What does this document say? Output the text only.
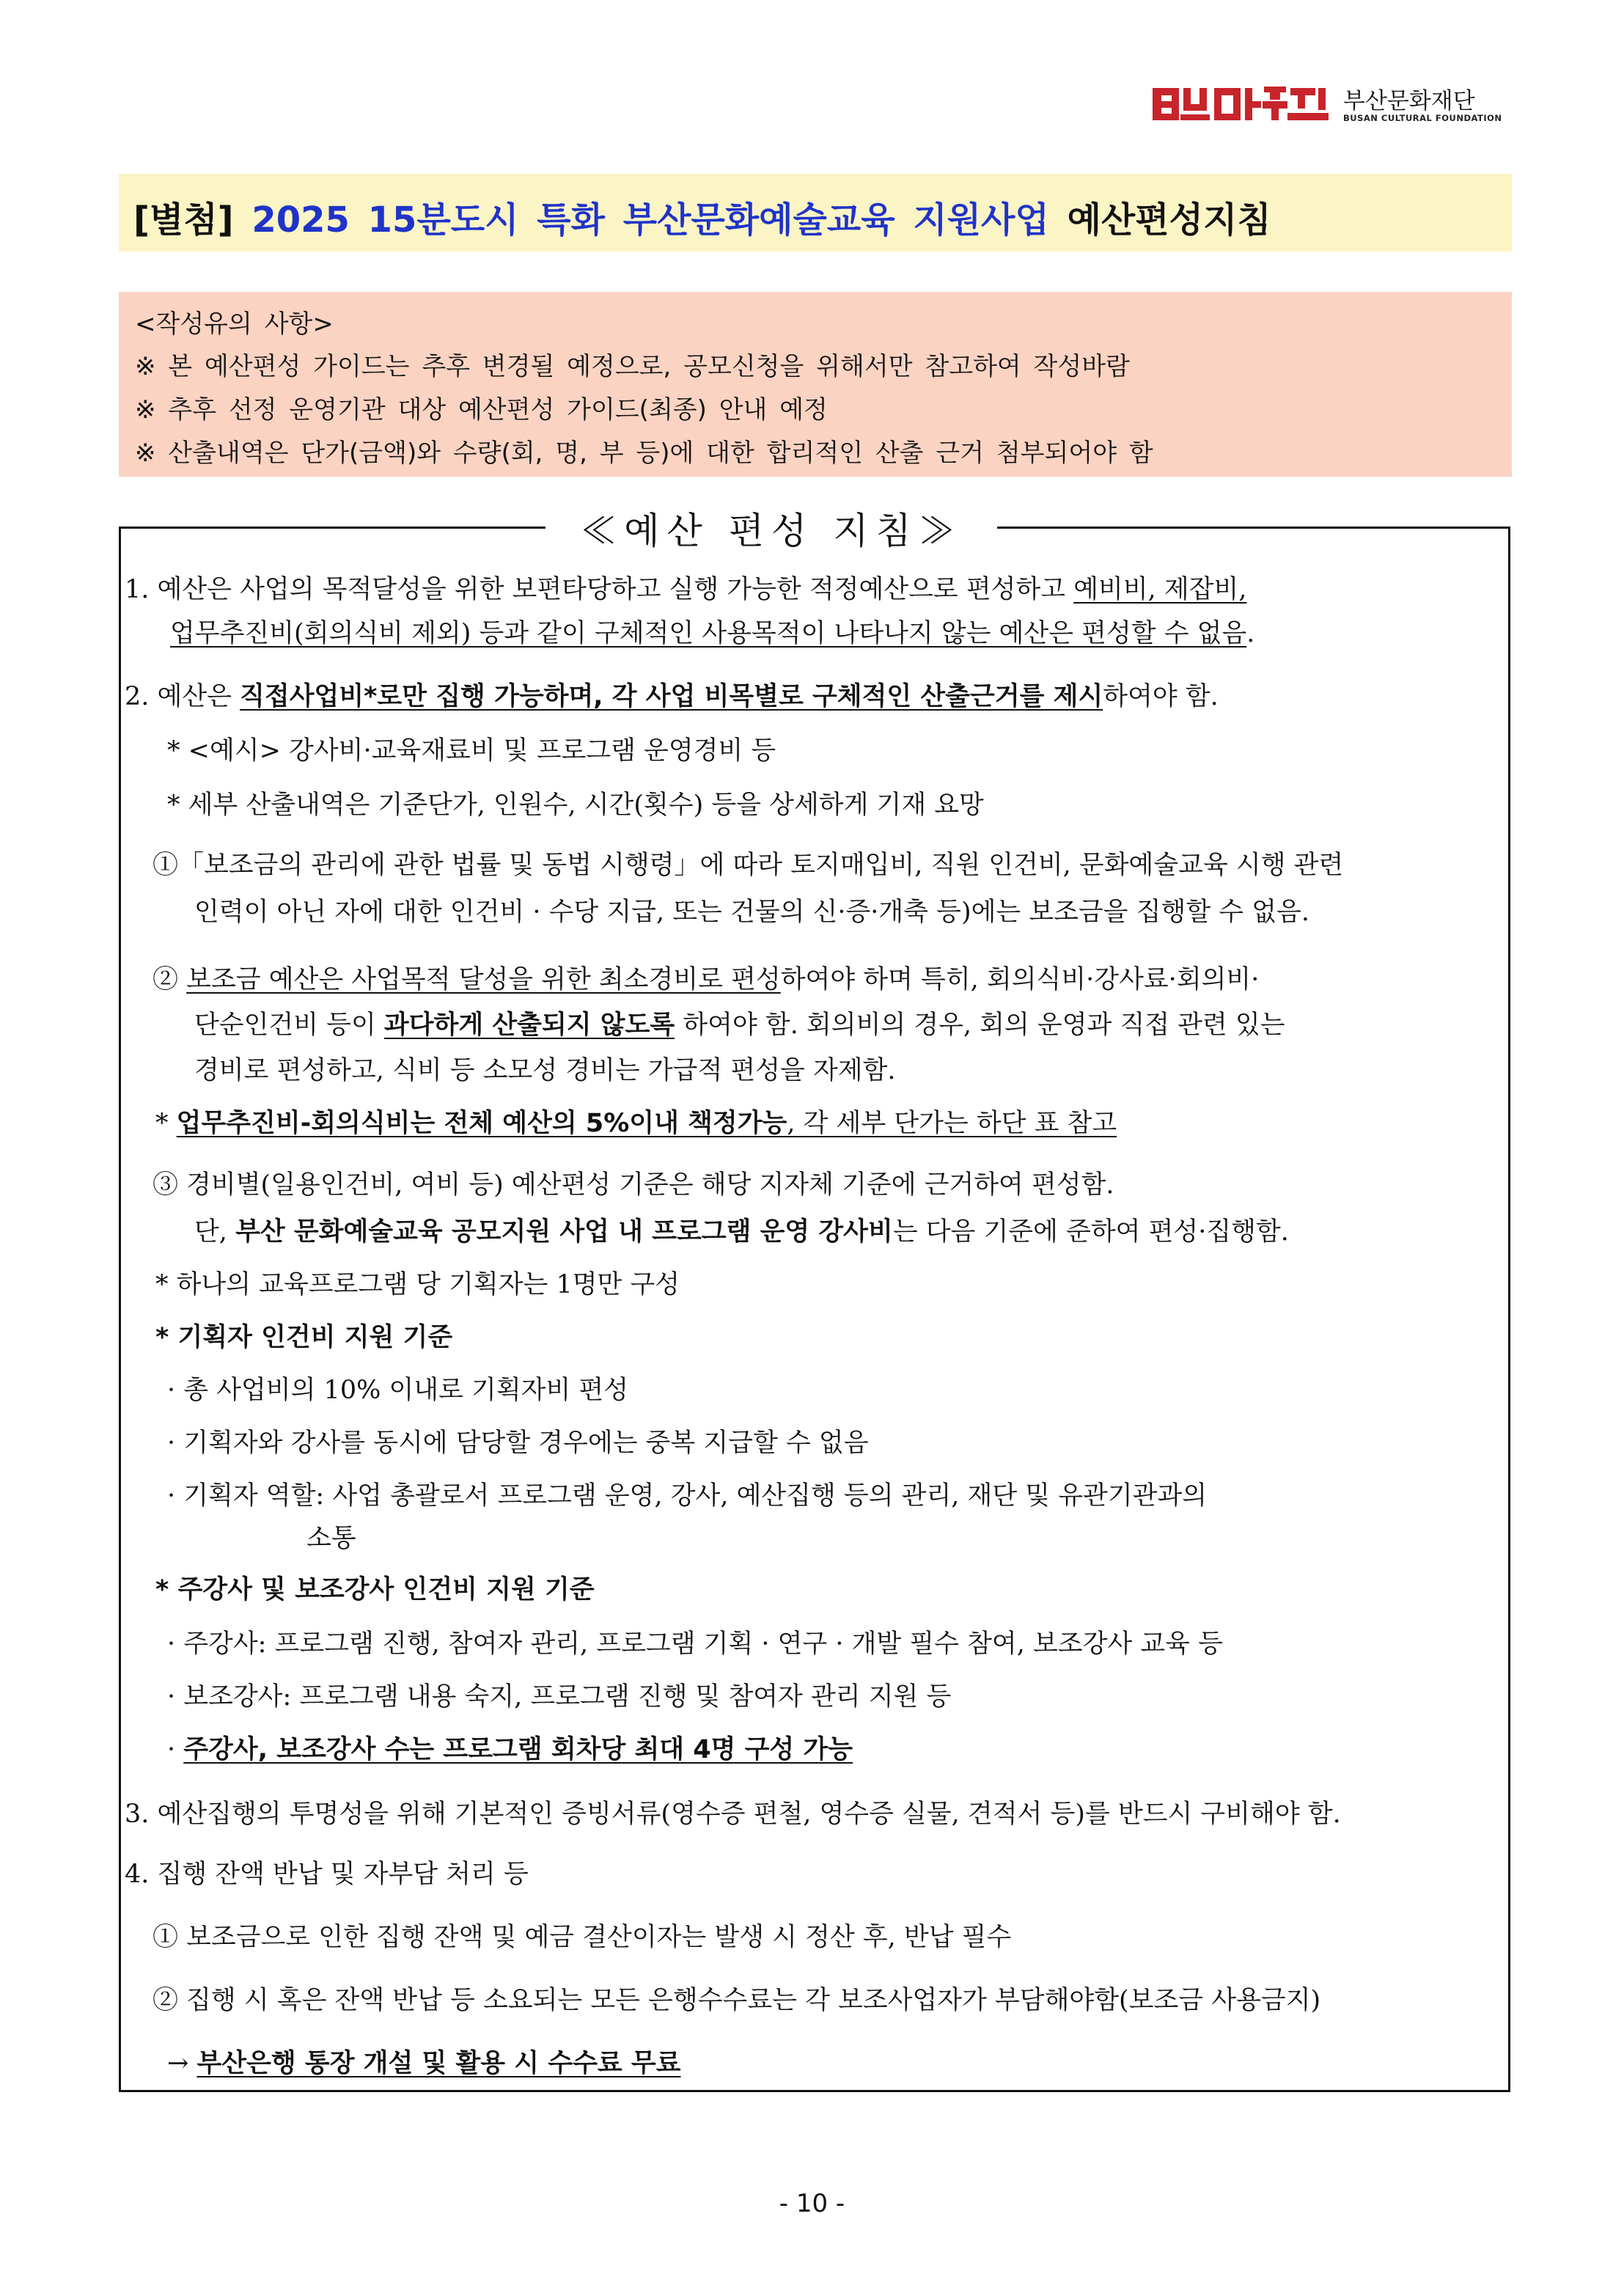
부산문화재단
BUSAN CULTURAL FOUNDATION
[별첨] 2025 15분도시 특화 부산문화예술교육 지원사업 예산편성지침
<작성유의 사항>
※ 본 예산편성 가이드는 추후 변경될 예정으로, 공모신청을 위해서만 참고하여 작성바람
※ 추후 선정 운영기관 대상 예산편성 가이드(최종) 안내 예정
※ 산출내역은 단가(금액)와 수량(회, 명, 부 등)에 대한 합리적인 산출 근거 첨부되어야 함
≪예산 편성 지침≫
1. 예산은 사업의 목적달성을 위한 보편타당하고 실행 가능한 적정예산으로 편성하고 예비비, 제잡비,
업무추진비(회의식비 제외) 등과 같이 구체적인 사용목적이 나타나지 않는 예산은 편성할 수 없음.
2. 예산은 직접사업비*로만 집행 가능하며, 각 사업 비목별로 구체적인 산출근거를 제시하여야 함.
* <예시> 강사비·교육재료비 및 프로그램 운영경비 등
* 세부 산출내역은 기준단가, 인원수, 시간(횟수) 등을 상세하게 기재 요망
①「보조금의 관리에 관한 법률 및 동법 시행령」에 따라 토지매입비, 직원 인건비, 문화예술교육 시행 관련
인력이 아닌 자에 대한 인건비 · 수당 지급, 또는 건물의 신·증·개축 등)에는 보조금을 집행할 수 없음.
② 보조금 예산은 사업목적 달성을 위한 최소경비로 편성하여야 하며 특히, 회의식비·강사료·회의비·
단순인건비 등이 과다하게 산출되지 않도록 하여야 함. 회의비의 경우, 회의 운영과 직접 관련 있는
경비로 편성하고, 식비 등 소모성 경비는 가급적 편성을 자제함.
* 업무추진비-회의식비는 전체 예산의 5%이내 책정가능, 각 세부 단가는 하단 표 참고
③ 경비별(일용인건비, 여비 등) 예산편성 기준은 해당 지자체 기준에 근거하여 편성함.
단, 부산 문화예술교육 공모지원 사업 내 프로그램 운영 강사비는 다음 기준에 준하여 편성·집행함.
* 하나의 교육프로그램 당 기획자는 1명만 구성
* 기획자 인건비 지원 기준
· 총 사업비의 10% 이내로 기획자비 편성
· 기획자와 강사를 동시에 담당할 경우에는 중복 지급할 수 없음
· 기획자 역할: 사업 총괄로서 프로그램 운영, 강사, 예산집행 등의 관리, 재단 및 유관기관과의
소통
* 주강사 및 보조강사 인건비 지원 기준
· 주강사: 프로그램 진행, 참여자 관리, 프로그램 기획 · 연구 · 개발 필수 참여, 보조강사 교육 등
· 보조강사: 프로그램 내용 숙지, 프로그램 진행 및 참여자 관리 지원 등
· 주강사, 보조강사 수는 프로그램 회차당 최대 4명 구성 가능
3. 예산집행의 투명성을 위해 기본적인 증빙서류(영수증 편철, 영수증 실물, 견적서 등)를 반드시 구비해야 함.
4. 집행 잔액 반납 및 자부담 처리 등
① 보조금으로 인한 집행 잔액 및 예금 결산이자는 발생 시 정산 후, 반납 필수
② 집행 시 혹은 잔액 반납 등 소요되는 모든 은행수수료는 각 보조사업자가 부담해야함(보조금 사용금지)
→ 부산은행 통장 개설 및 활용 시 수수료 무료
- 10 -
